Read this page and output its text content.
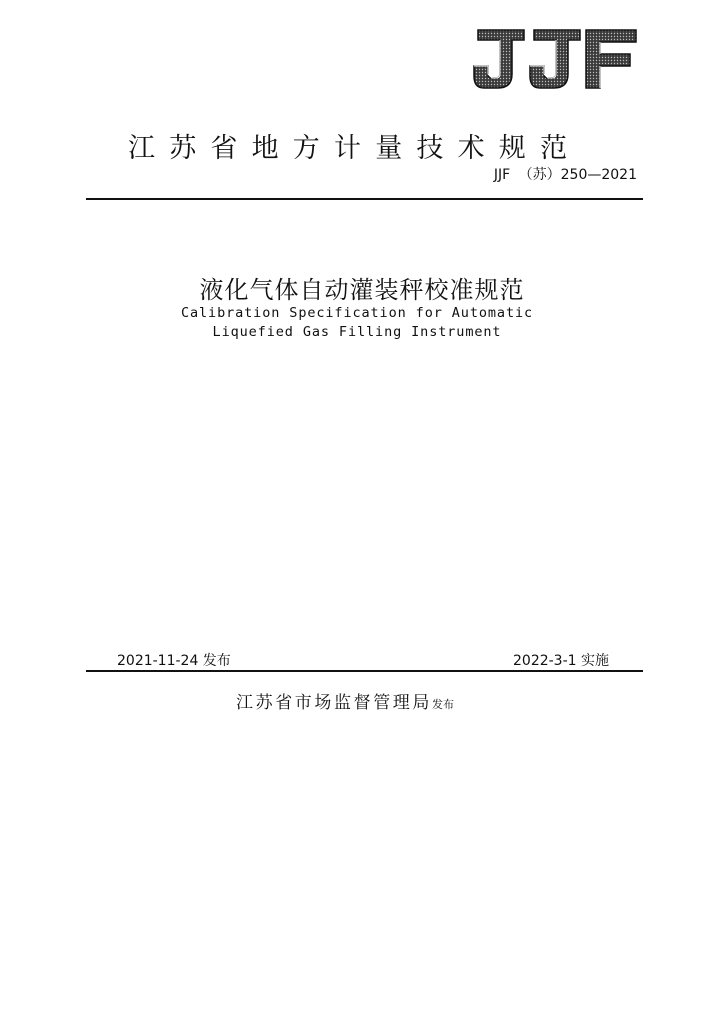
江苏省地方计量技术规范
JJF （苏）250—2021
液化气体自动灌装秤校准规范
Calibration Specification for Automatic
Liquefied Gas Filling Instrument
2021-11-24 发布	2022-3-1 实施
江苏省市场监督管理局发布
